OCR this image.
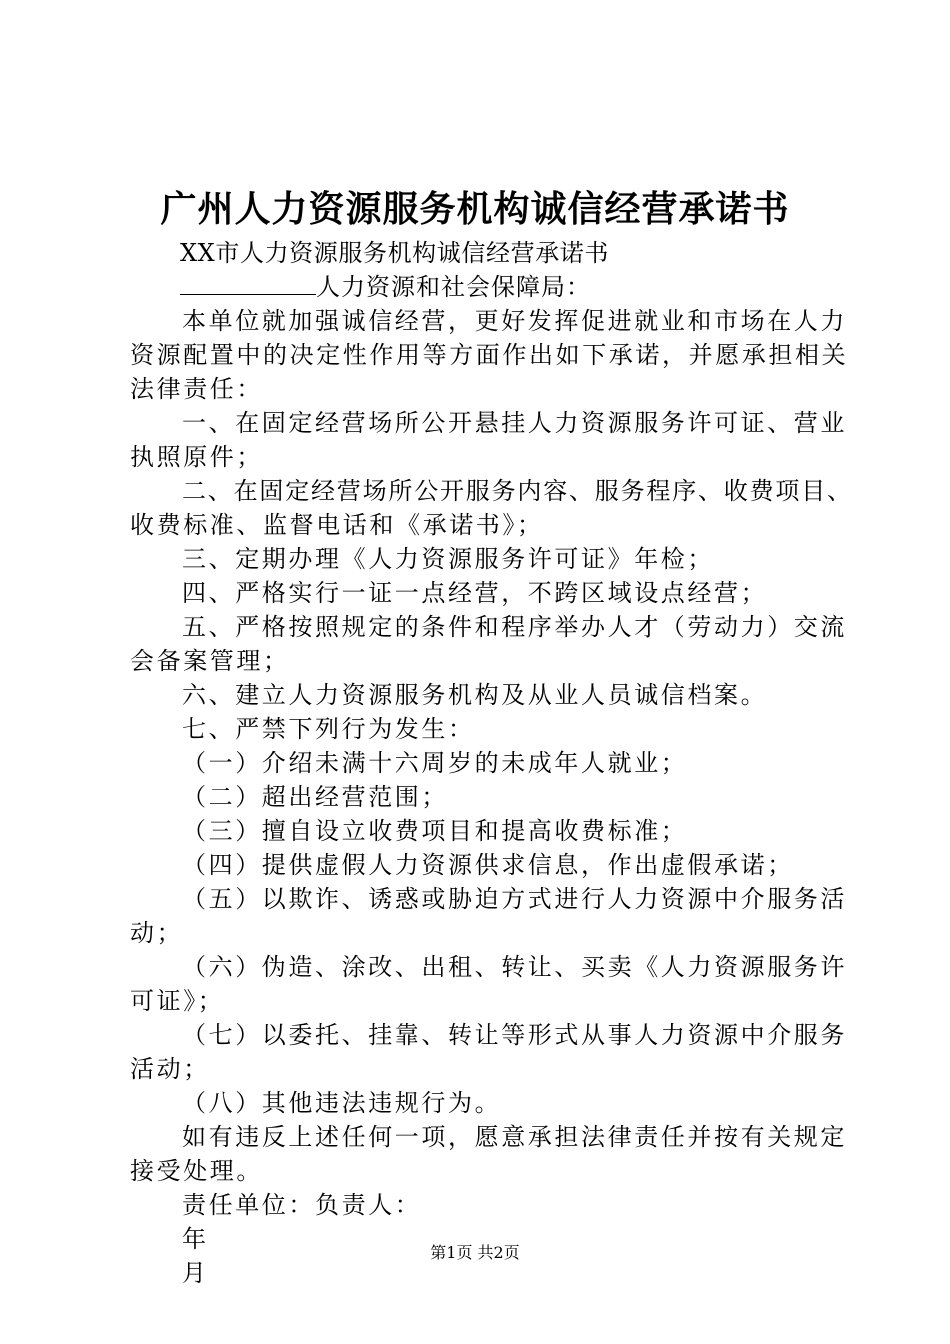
广州人力资源服务机构诚信经营承诺书

XX市人力资源服务机构诚信经营承诺书

人力资源和社会保障局：

本单位就加强诚信经营，更好发挥促进就业和市场在人力

资源配置中的决定性作用等方面作出如下承诺，并愿承担相关

法律责任：

一、在固定经营场所公开悬挂人力资源服务许可证、营业

执照原件；

二、在固定经营场所公开服务内容、服务程序、收费项目、

收费标准、监督电话和《承诺书》；

三、定期办理《人力资源服务许可证》年检；

四、严格实行一证一点经营，不跨区域设点经营；

五、严格按照规定的条件和程序举办人才（劳动力）交流

会备案管理；

六、建立人力资源服务机构及从业人员诚信档案。

七、严禁下列行为发生：

（一）介绍未满十六周岁的未成年人就业；

（二）超出经营范围；

（三）擅自设立收费项目和提高收费标准；

（四）提供虚假人力资源供求信息，作出虚假承诺；

（五）以欺诈、诱惑或胁迫方式进行人力资源中介服务活

动；

（六）伪造、涂改、出租、转让、买卖《人力资源服务许

可证》；

（七）以委托、挂靠、转让等形式从事人力资源中介服务

活动；

（八）其他违法违规行为。

如有违反上述任何一项，愿意承担法律责任并按有关规定

接受处理。

责任单位：负责人：

年

月

第1页 共2页
